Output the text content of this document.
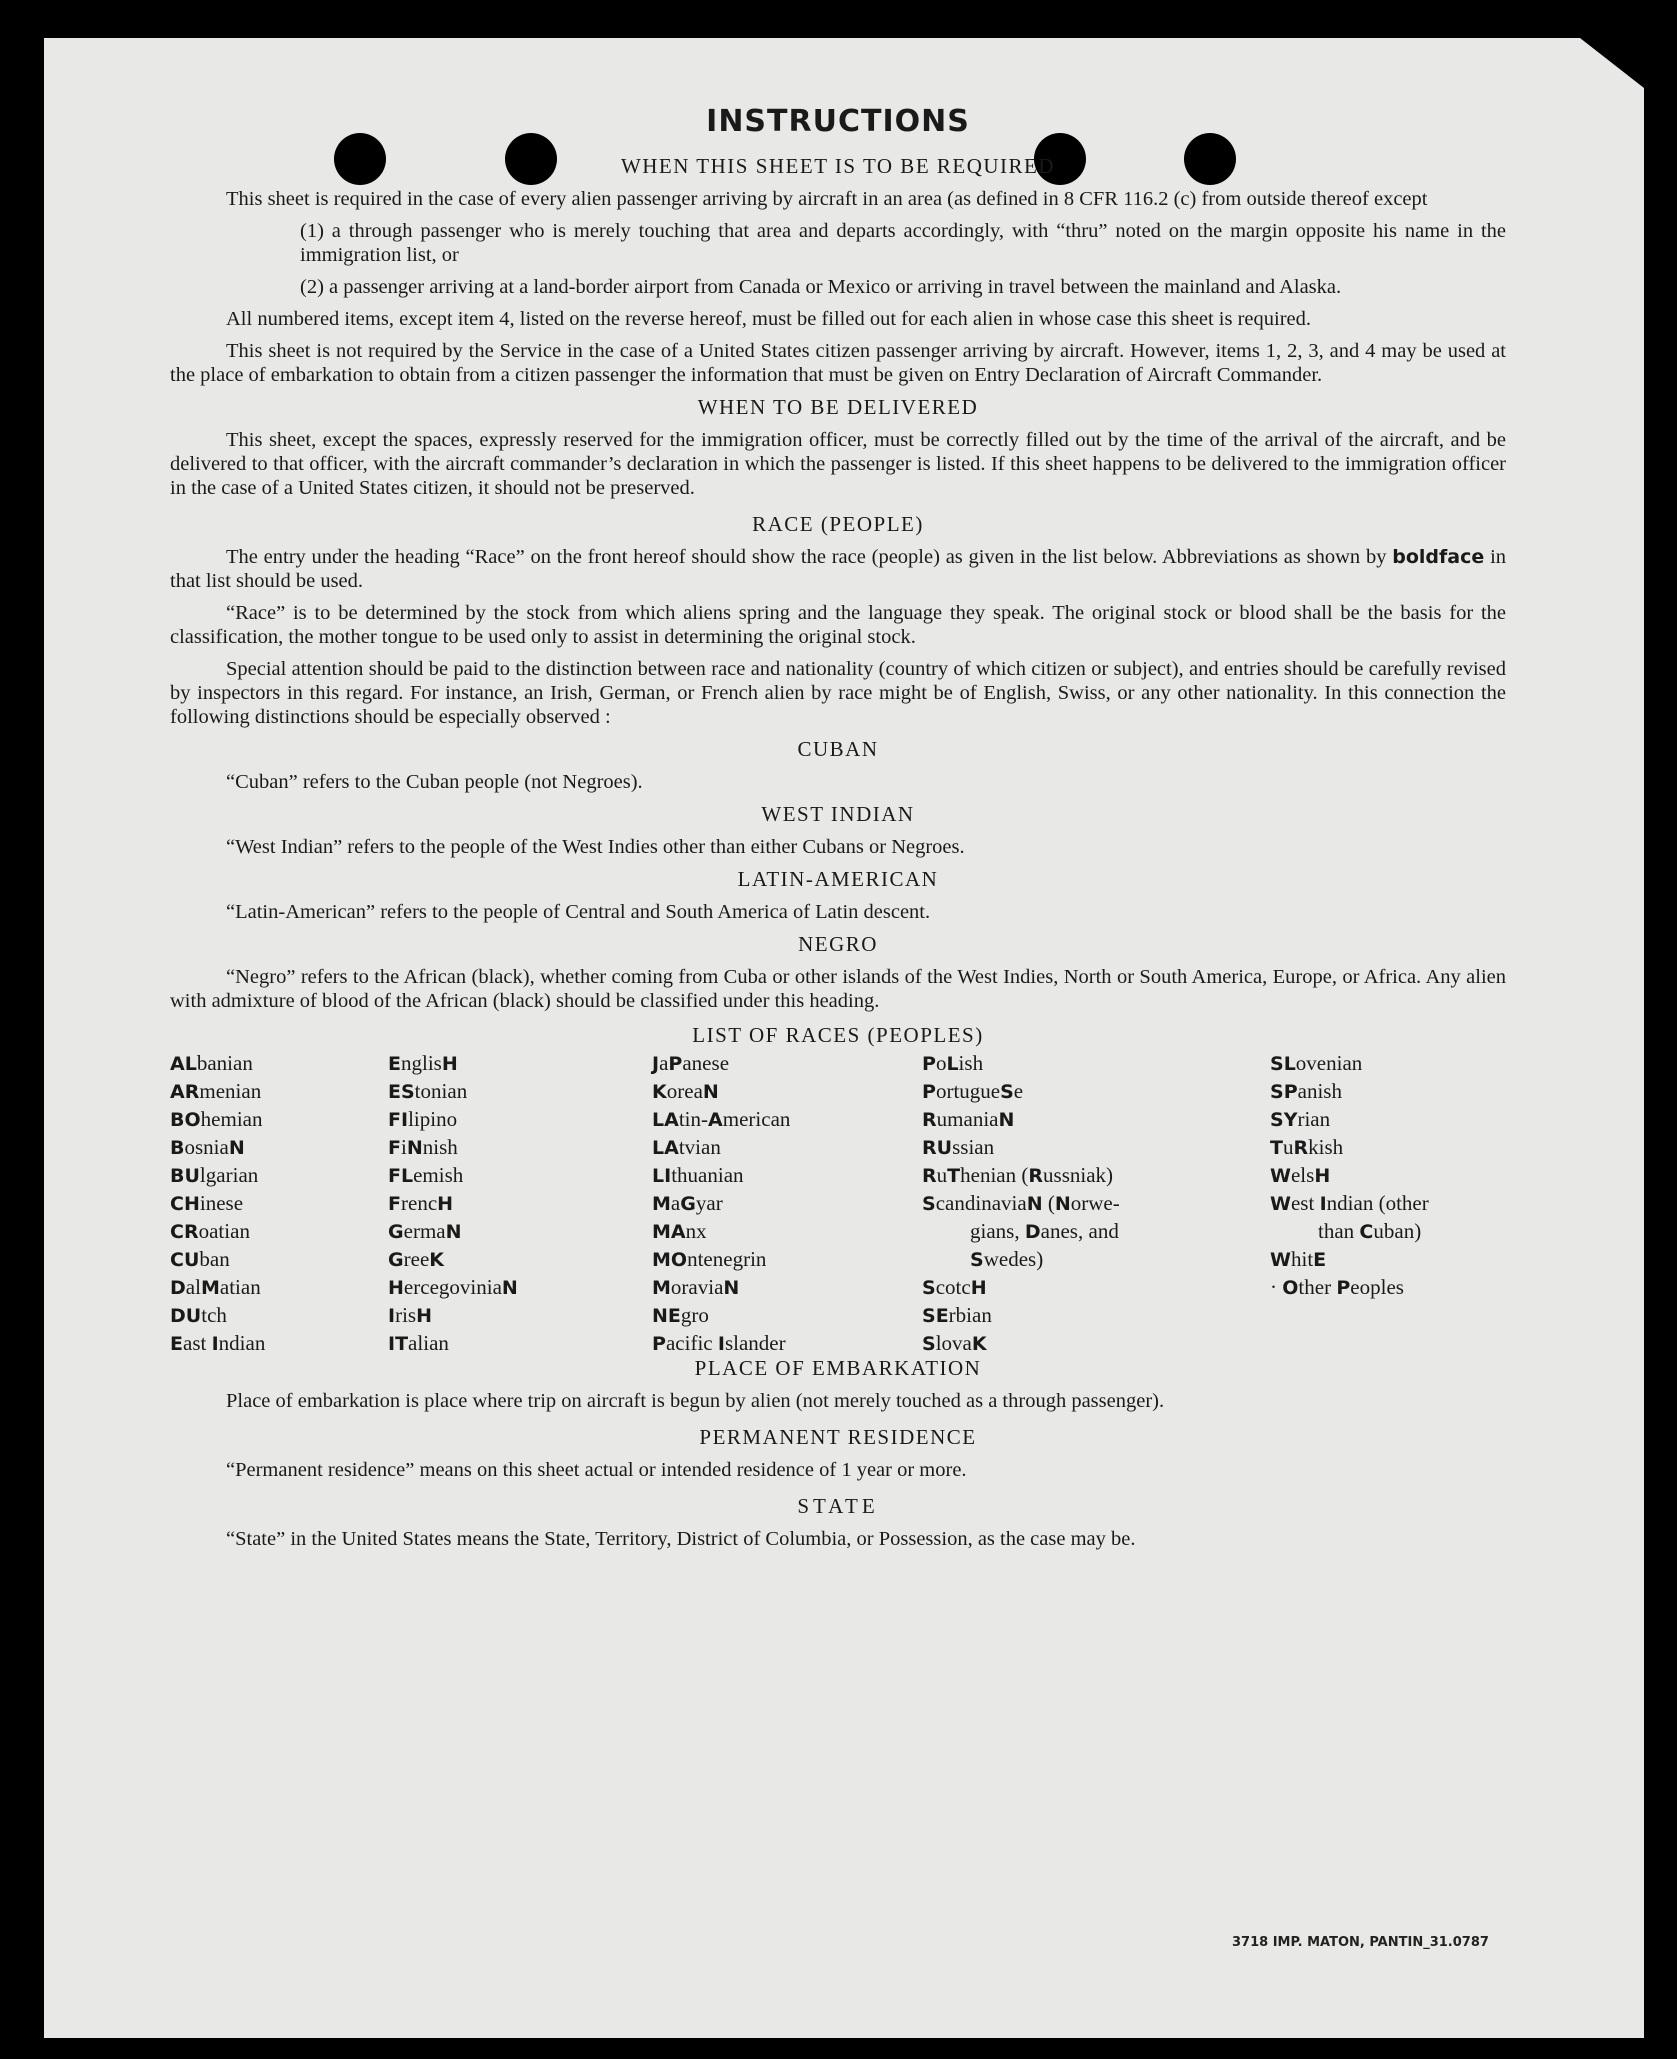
INSTRUCTIONS
WHEN THIS SHEET IS TO BE REQUIRED

This sheet is required in the case of every alien passenger arriving by aircraft in an area (as defined in 8 CFR 116.2 (c) from outside thereof except

(1) a through passenger who is merely touching that area and departs accordingly, with “thru” noted on the margin opposite his name in the immigration list, or
(2) a passenger arriving at a land-border airport from Canada or Mexico or arriving in travel between the mainland and Alaska.

All numbered items, except item 4, listed on the reverse hereof, must be filled out for each alien in whose case this sheet is required.

This sheet is not required by the Service in the case of a United States citizen passenger arriving by aircraft. However, items 1, 2, 3, and 4 may be used at the place of embarkation to obtain from a citizen passenger the information that must be given on Entry Declaration of Aircraft Commander.

WHEN TO BE DELIVERED

This sheet, except the spaces, expressly reserved for the immigration officer, must be correctly filled out by the time of the arrival of the aircraft, and be delivered to that officer, with the aircraft commander’s declaration in which the passenger is listed. If this sheet happens to be delivered to the immigration officer in the case of a United States citizen, it should not be preserved.

RACE (PEOPLE)

The entry under the heading “Race” on the front hereof should show the race (people) as given in the list below. Abbreviations as shown by boldface in that list should be used.

“Race” is to be determined by the stock from which aliens spring and the language they speak. The original stock or blood shall be the basis for the classification, the mother tongue to be used only to assist in determining the original stock.

Special attention should be paid to the distinction between race and nationality (country of which citizen or subject), and entries should be carefully revised by inspectors in this regard. For instance, an Irish, German, or French alien by race might be of English, Swiss, or any other nationality. In this connection the following distinctions should be especially observed :

CUBAN

“Cuban” refers to the Cuban people (not Negroes).

WEST INDIAN

“West Indian” refers to the people of the West Indies other than either Cubans or Negroes.

LATIN-AMERICAN

“Latin-American” refers to the people of Central and South America of Latin descent.

NEGRO

“Negro” refers to the African (black), whether coming from Cuba or other islands of the West Indies, North or South America, Europe, or Africa. Any alien with admixture of blood of the African (black) should be classified under this heading.

LIST OF RACES (PEOPLES)
ALbanian
ARmenian
BOhemian
BosniaN
BUlgarian
CHinese
CRoatian
CUban
DalMatian
DUtch
East Indian
EnglisH
EStonian
FIlipino
FiNnish
FLemish
FrencH
GermaN
GreeK
HercegoviniaN
IrisH
ITalian
JaPanese
KoreaN
LAtin-American
LAtvian
LIthuanian
MaGyar
MAnx
MOntenegrin
MoraviaN
NEgro
Pacific Islander
PoLish
PortugueSe
RumaniaN
RUssian
RuThenian (Russniak)
ScandinaviaN (Norwe-
gians, Danes, and
Swedes)
ScotcH
SErbian
SlovaK
SLovenian
SPanish
SYrian
TuRkish
WelsH
West Indian (other
than Cuban)
WhitE
· Other Peoples
PLACE OF EMBARKATION

Place of embarkation is place where trip on aircraft is begun by alien (not merely touched as a through passenger).

PERMANENT RESIDENCE

“Permanent residence” means on this sheet actual or intended residence of 1 year or more.

STATE

“State” in the United States means the State, Territory, District of Columbia, or Possession, as the case may be.

3718 IMP. MATON, PANTIN_31.0787
